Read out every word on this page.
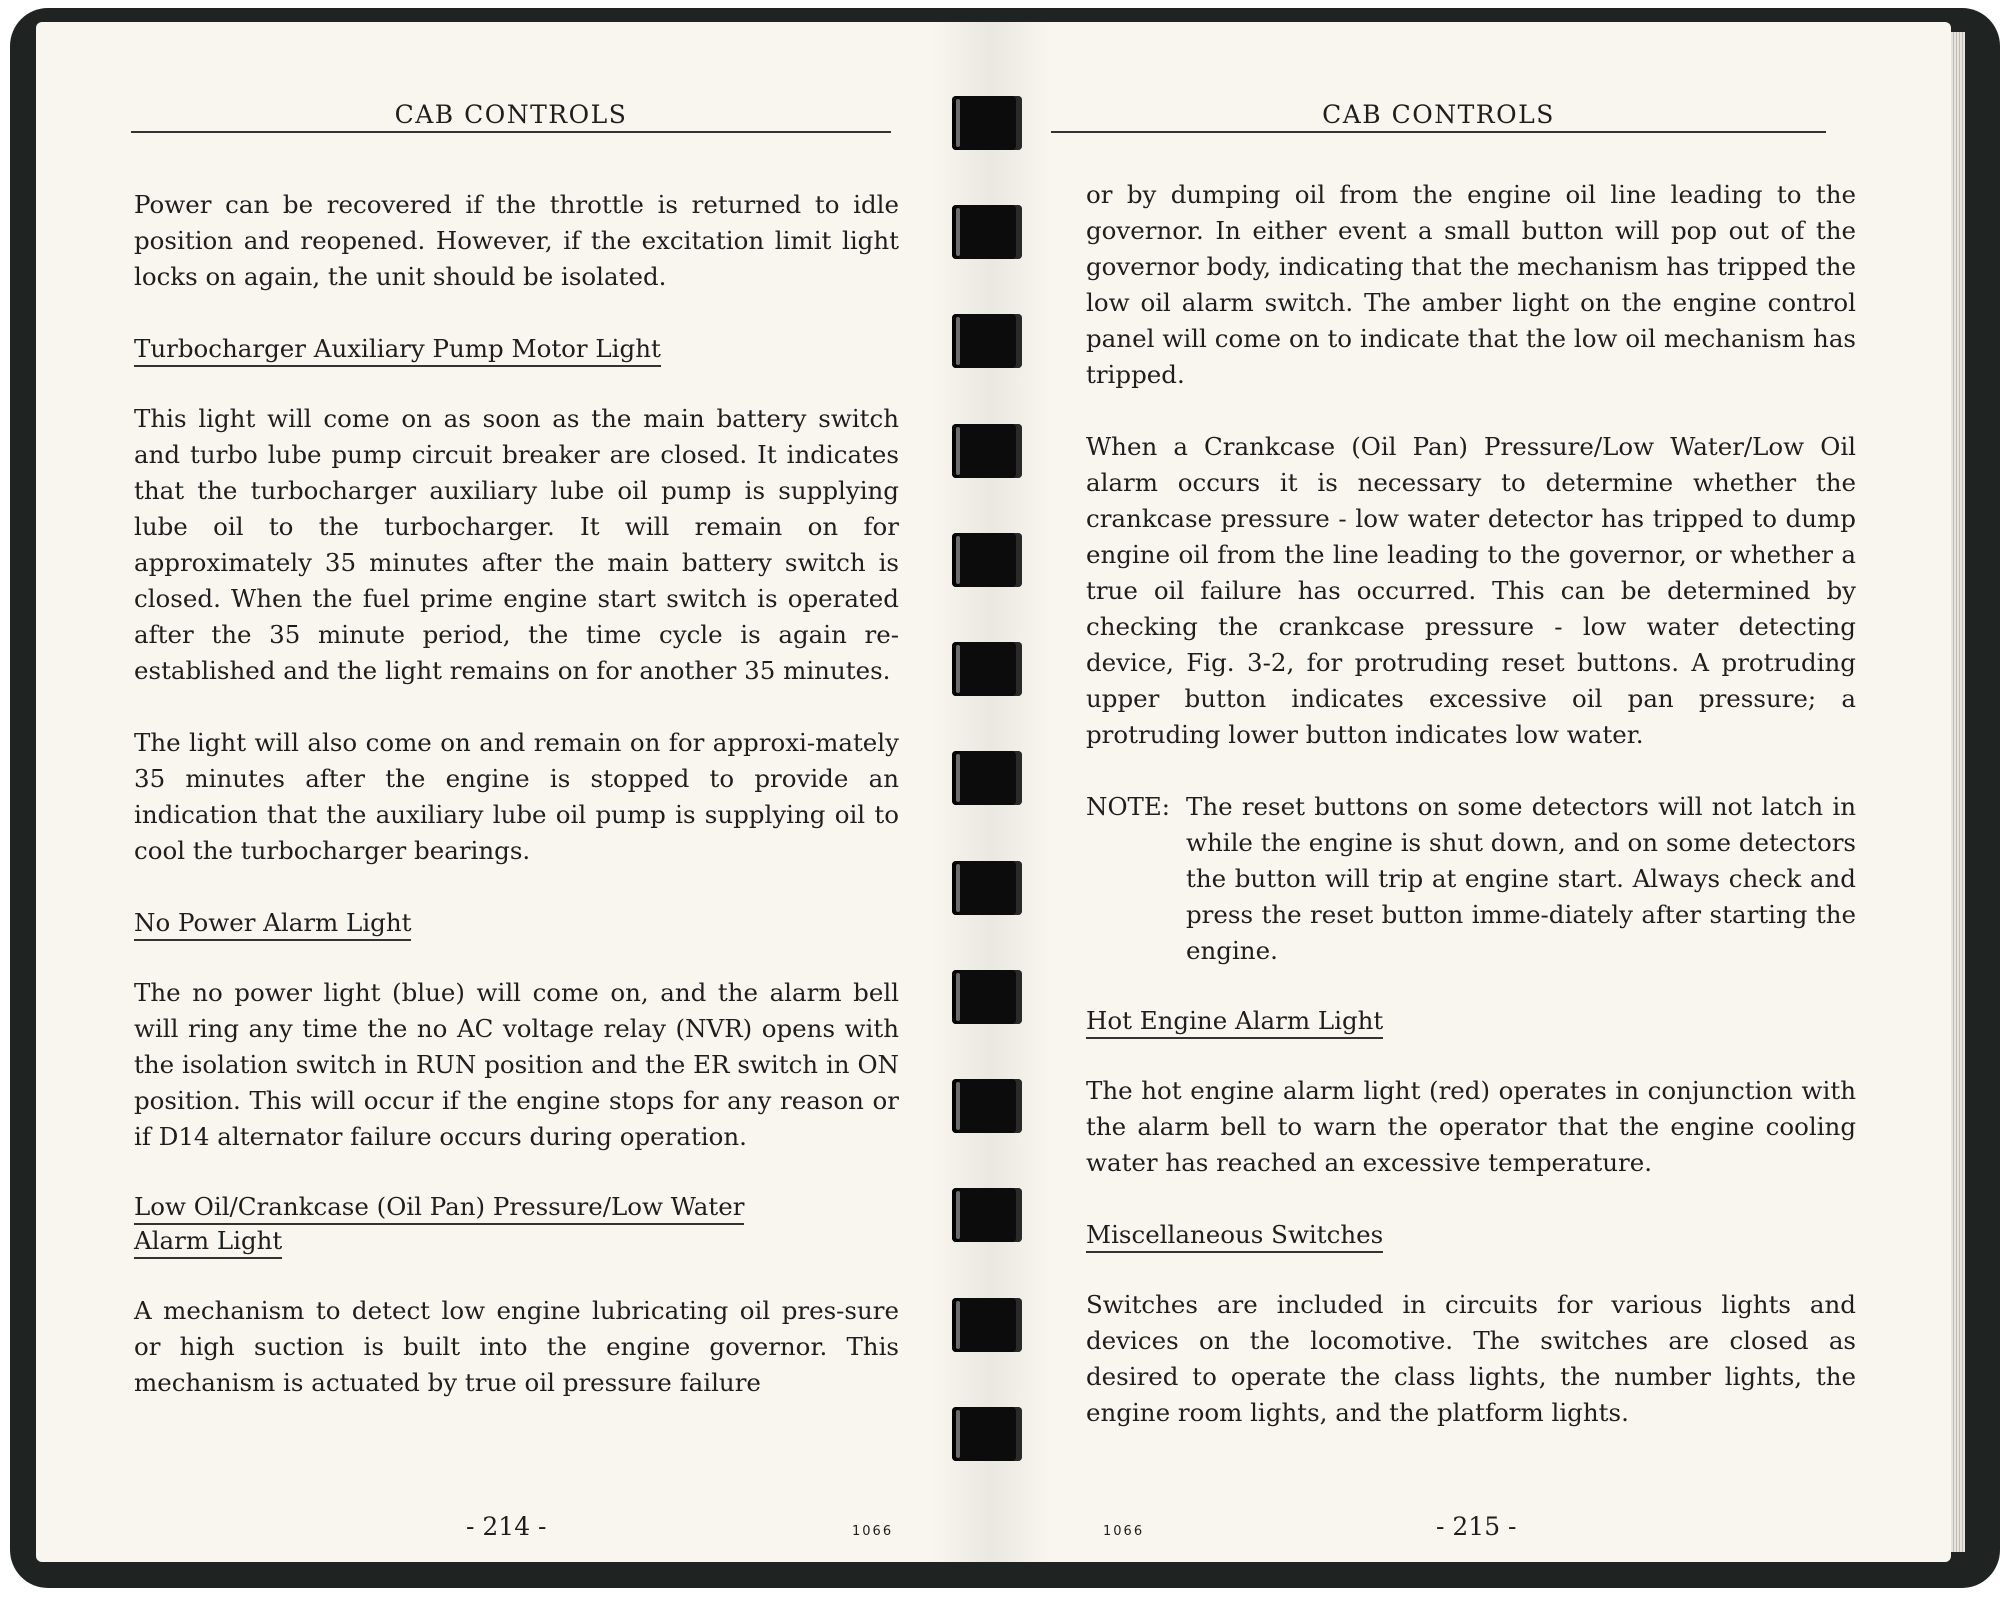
CAB CONTROLS

Power can be recovered if the throttle is returned to idle position and reopened. However, if the excitation limit light locks on again, the unit should be isolated.

Turbocharger Auxiliary Pump Motor Light

This light will come on as soon as the main battery switch and turbo lube pump circuit breaker are closed. It indicates that the turbocharger auxiliary lube oil pump is supplying lube oil to the turbocharger. It will remain on for approximately 35 minutes after the main battery switch is closed. When the fuel prime engine start switch is operated after the 35 minute period, the time cycle is again re-established and the light remains on for another 35 minutes.

The light will also come on and remain on for approxi-mately 35 minutes after the engine is stopped to provide an indication that the auxiliary lube oil pump is supplying oil to cool the turbocharger bearings.

No Power Alarm Light

The no power light (blue) will come on, and the alarm bell will ring any time the no AC voltage relay (NVR) opens with the isolation switch in RUN position and the ER switch in ON position. This will occur if the engine stops for any reason or if D14 alternator failure occurs during operation.

Low Oil/Crankcase (Oil Pan) Pressure/Low Water
Alarm Light

A mechanism to detect low engine lubricating oil pres-sure or high suction is built into the engine governor. This mechanism is actuated by true oil pressure failure

- 214 -	1066
CAB CONTROLS

or by dumping oil from the engine oil line leading to the governor. In either event a small button will pop out of the governor body, indicating that the mechanism has tripped the low oil alarm switch. The amber light on the engine control panel will come on to indicate that the low oil mechanism has tripped.

When a Crankcase (Oil Pan) Pressure/Low Water/Low Oil alarm occurs it is necessary to determine whether the crankcase pressure - low water detector has tripped to dump engine oil from the line leading to the governor, or whether a true oil failure has occurred. This can be determined by checking the crankcase pressure - low water detecting device, Fig. 3-2, for protruding reset buttons. A protruding upper button indicates excessive oil pan pressure; a protruding lower button indicates low water.

NOTE: The reset buttons on some detectors will not latch in while the engine is shut down, and on some detectors the button will trip at engine start. Always check and press the reset button imme-diately after starting the engine.
Hot Engine Alarm Light

The hot engine alarm light (red) operates in conjunction with the alarm bell to warn the operator that the engine cooling water has reached an excessive temperature.

Miscellaneous Switches

Switches are included in circuits for various lights and devices on the locomotive. The switches are closed as desired to operate the class lights, the number lights, the engine room lights, and the platform lights.

- 215 -
1066
